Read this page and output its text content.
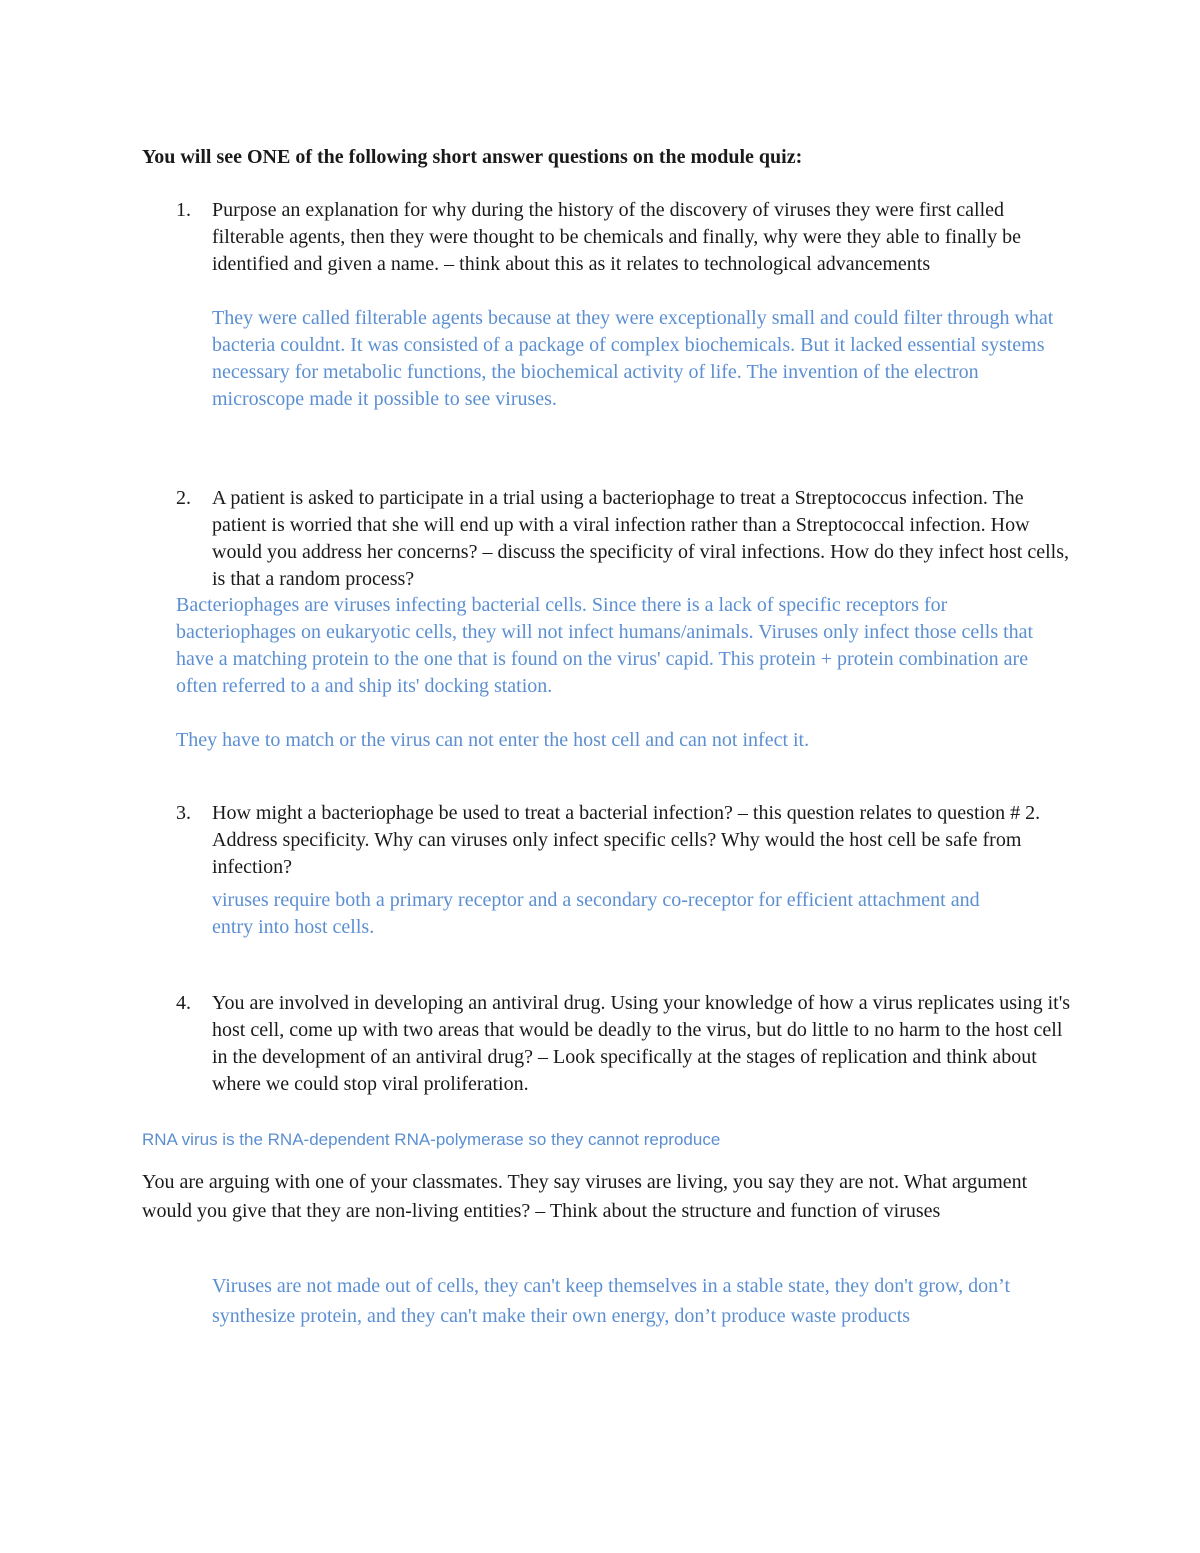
You will see ONE of the following short answer questions on the module quiz:

1.	Purpose an explanation for why during the history of the discovery of viruses they were first called filterable agents, then they were thought to be chemicals and finally, why were they able to finally be identified and given a name. – think about this as it relates to technological advancements
They were called filterable agents because at they were exceptionally small and could filter through what bacteria couldnt. It was consisted of a package of complex biochemicals. But it lacked essential systems necessary for metabolic functions, the biochemical activity of life. The invention of the electron microscope made it possible to see viruses.
2.	A patient is asked to participate in a trial using a bacteriophage to treat a Streptococcus infection. The patient is worried that she will end up with a viral infection rather than a Streptococcal infection. How would you address her concerns? – discuss the specificity of viral infections. How do they infect host cells, is that a random process?
Bacteriophages are viruses infecting bacterial cells. Since there is a lack of specific receptors for bacteriophages on eukaryotic cells, they will not infect humans/animals. Viruses only infect those cells that have a matching protein to the one that is found on the virus' capid. This protein + protein combination are often referred to a and ship its' docking station.
They have to match or the virus can not enter the host cell and can not infect it.
3.	How might a bacteriophage be used to treat a bacterial infection? – this question relates to question # 2. Address specificity. Why can viruses only infect specific cells? Why would the host cell be safe from infection?
viruses require both a primary receptor and a secondary co-receptor for efficient attachment and entry into host cells.
4.	You are involved in developing an antiviral drug. Using your knowledge of how a virus replicates using it's host cell, come up with two areas that would be deadly to the virus, but do little to no harm to the host cell in the development of an antiviral drug? – Look specifically at the stages of replication and think about where we could stop viral proliferation.
RNA virus is the RNA-dependent RNA-polymerase so they cannot reproduce
You are arguing with one of your classmates. They say viruses are living, you say they are not. What argument would you give that they are non-living entities? – Think about the structure and function of viruses
Viruses are not made out of cells, they can't keep themselves in a stable state, they don't grow, don’t synthesize protein, and they can't make their own energy, don’t produce waste products
